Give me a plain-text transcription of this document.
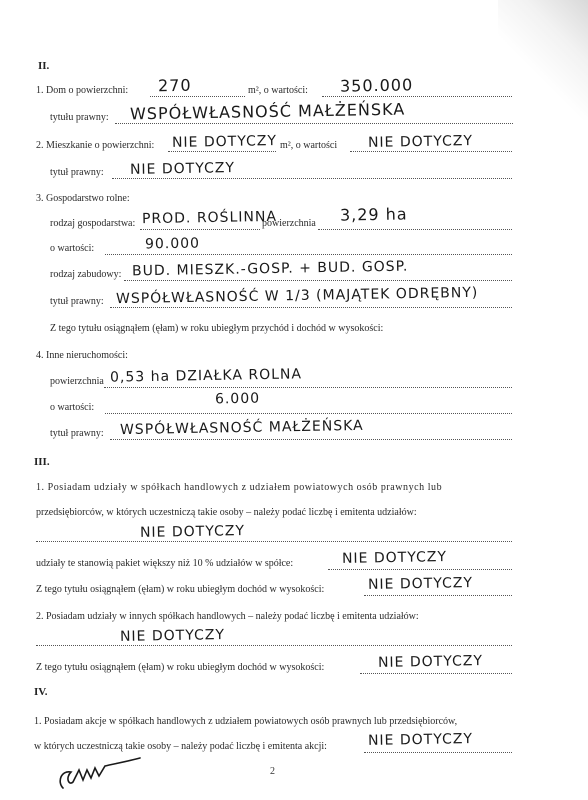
II.
1. Dom o powierzchni: 270	m², o wartości: 350.000
tytułu prawny: WSPÓŁWŁASNOŚĆ MAŁŻEŃSKA
2. Mieszkanie o powierzchni: NIE DOTYCZY m², o wartości NIE DOTYCZY
tytuł prawny: NIE DOTYCZY
3. Gospodarstwo rolne:
rodzaj gospodarstwa: PROD. ROŚLINNA
powierzchnia 3,29 ha
o wartości:	90.000
rodzaj zabudowy: BUD. MIESZK.-GOSP. + BUD. GOSP.
tytuł prawny: WSPÓŁWŁASNOŚĆ W 1/3 (MAJĄTEK ODRĘBNY)
Z tego tytułu osiągnąłem (ęłam) w roku ubiegłym przychód i dochód w wysokości:
4. Inne nieruchomości:
powierzchnia 0,53 ha DZIAŁKA ROLNA
o wartości:
6.000
tytuł prawny: WSPÓŁWŁASNOŚĆ MAŁŻEŃSKA
III.
1. Posiadam udziały w spółkach handlowych z udziałem powiatowych osób prawnych lub
przedsiębiorców, w których uczestniczą takie osoby – należy podać liczbę i emitenta udziałów:
NIE DOTYCZY
udziały te stanowią pakiet większy niż 10 % udziałów w spółce:	NIE DOTYCZY
Z tego tytułu osiągnąłem (ęłam) w roku ubiegłym dochód w wysokości:	NIE DOTYCZY
2. Posiadam udziały w innych spółkach handlowych – należy podać liczbę i emitenta udziałów:
NIE DOTYCZY
Z tego tytułu osiągnąłem (ęłam) w roku ubiegłym dochód w wysokości:	NIE DOTYCZY
IV.
1. Posiadam akcje w spółkach handlowych z udziałem powiatowych osób prawnych lub przedsiębiorców,
w których uczestniczą takie osoby – należy podać liczbę i emitenta akcji:	NIE DOTYCZY
2
